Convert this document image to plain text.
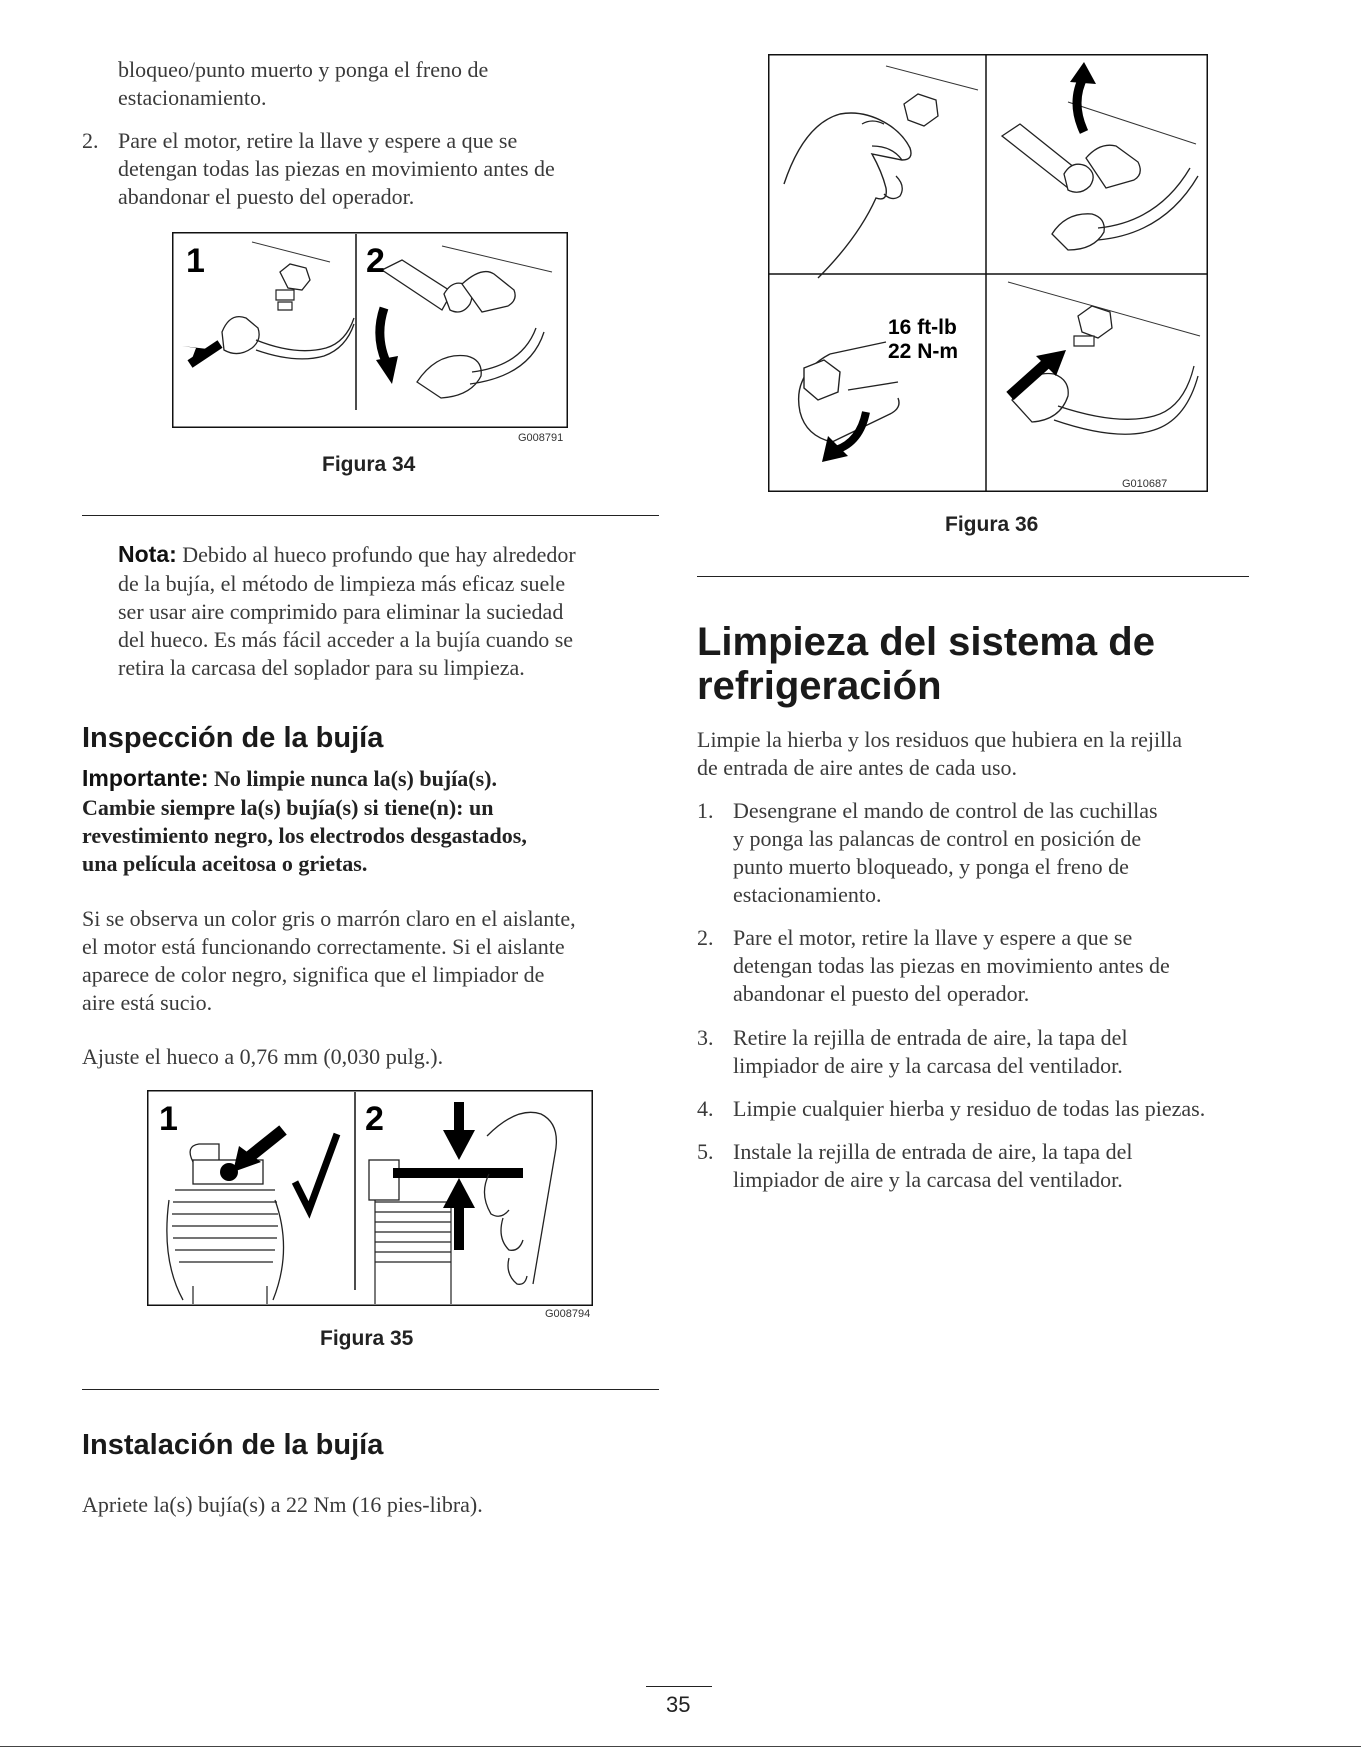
bloqueo/punto muerto y ponga el freno de
estacionamiento.
2. Pare el motor, retire la llave y espere a que se
detengan todas las piezas en movimiento antes de
abandonar el puesto del operador.
1	2
G008791
Figura 34
Nota: Debido al hueco profundo que hay alrededor
de la bujía, el método de limpieza más eficaz suele
ser usar aire comprimido para eliminar la suciedad
del hueco. Es más fácil acceder a la bujía cuando se
retira la carcasa del soplador para su limpieza.
Inspección de la bujía
Importante: No limpie nunca la(s) bujía(s).
Cambie siempre la(s) bujía(s) si tiene(n): un
revestimiento negro, los electrodos desgastados,
una película aceitosa o grietas.
Si se observa un color gris o marrón claro en el aislante,
el motor está funcionando correctamente. Si el aislante
aparece de color negro, significa que el limpiador de
aire está sucio.
Ajuste el hueco a 0,76 mm (0,030 pulg.).
1	2
G008794
Figura 35
Instalación de la bujía
Apriete la(s) bujía(s) a 22 Nm (16 pies-libra).
16 ft-lb
22 N-m
G010687
Figura 36
Limpieza del sistema de
refrigeración
Limpie la hierba y los residuos que hubiera en la rejilla
de entrada de aire antes de cada uso.
1. Desengrane el mando de control de las cuchillas
y ponga las palancas de control en posición de
punto muerto bloqueado, y ponga el freno de
estacionamiento.
2. Pare el motor, retire la llave y espere a que se
detengan todas las piezas en movimiento antes de
abandonar el puesto del operador.
3. Retire la rejilla de entrada de aire, la tapa del
limpiador de aire y la carcasa del ventilador.
4. Limpie cualquier hierba y residuo de todas las piezas.
5. Instale la rejilla de entrada de aire, la tapa del
limpiador de aire y la carcasa del ventilador.
35
